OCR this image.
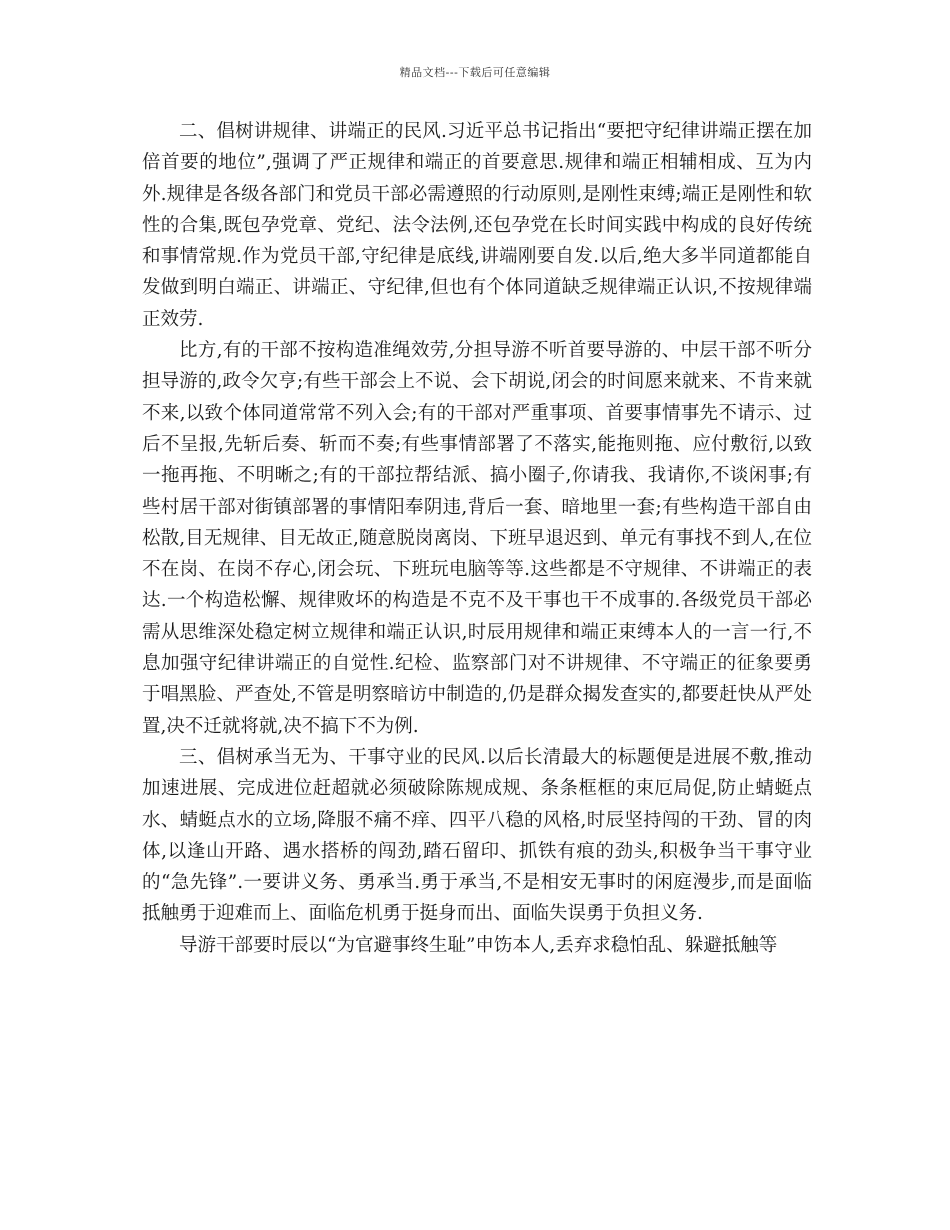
精品文档---下载后可任意编辑

二、倡树讲规律、讲端正的民风.习近平总书记指出“要把守纪律讲端正摆在加倍首要的地位”,强调了严正规律和端正的首要意思.规律和端正相辅相成、互为内外.规律是各级各部门和党员干部必需遵照的行动原则,是刚性束缚;端正是刚性和软性的合集,既包孕党章、党纪、法令法例,还包孕党在长时间实践中构成的良好传统和事情常规.作为党员干部,守纪律是底线,讲端刚要自发.以后,绝大多半同道都能自发做到明白端正、讲端正、守纪律,但也有个体同道缺乏规律端正认识,不按规律端正效劳.

比方,有的干部不按构造准绳效劳,分担导游不听首要导游的、中层干部不听分担导游的,政令欠亨;有些干部会上不说、会下胡说,闭会的时间愿来就来、不肯来就不来,以致个体同道常常不列入会;有的干部对严重事项、首要事情事先不请示、过后不呈报,先斩后奏、斩而不奏;有些事情部署了不落实,能拖则拖、应付敷衍,以致一拖再拖、不明晰之;有的干部拉帮结派、搞小圈子,你请我、我请你,不谈闲事;有些村居干部对街镇部署的事情阳奉阴违,背后一套、暗地里一套;有些构造干部自由松散,目无规律、目无故正,随意脱岗离岗、下班早退迟到、单元有事找不到人,在位不在岗、在岗不存心,闭会玩、下班玩电脑等等.这些都是不守规律、不讲端正的表达.一个构造松懈、规律败坏的构造是不克不及干事也干不成事的.各级党员干部必需从思维深处稳定树立规律和端正认识,时辰用规律和端正束缚本人的一言一行,不息加强守纪律讲端正的自觉性.纪检、监察部门对不讲规律、不守端正的征象要勇于唱黑脸、严查处,不管是明察暗访中制造的,仍是群众揭发查实的,都要赶快从严处置,决不迁就将就,决不搞下不为例.

三、倡树承当无为、干事守业的民风.以后长清最大的标题便是进展不敷,推动加速进展、完成进位赶超就必须破除陈规成规、条条框框的束厄局促,防止蜻蜓点水、蜻蜓点水的立场,降服不痛不痒、四平八稳的风格,时辰坚持闯的干劲、冒的肉体,以逢山开路、遇水搭桥的闯劲,踏石留印、抓铁有痕的劲头,积极争当干事守业的“急先锋”.一要讲义务、勇承当.勇于承当,不是相安无事时的闲庭漫步,而是面临抵触勇于迎难而上、面临危机勇于挺身而出、面临失误勇于负担义务.

导游干部要时辰以“为官避事终生耻”申饬本人,丢弃求稳怕乱、躲避抵触等
